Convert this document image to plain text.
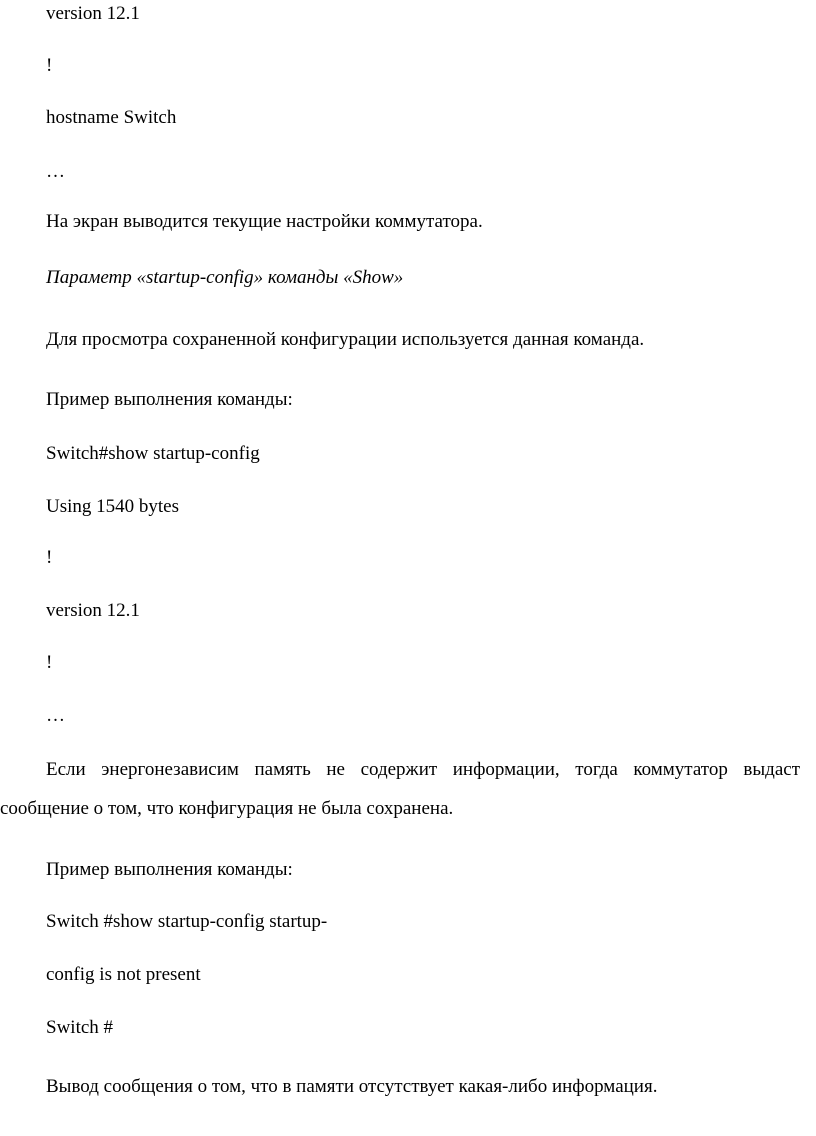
version 12.1

!

hostname Switch

…

На экран выводится текущие настройки коммутатора.

Параметр «startup-config» команды «Show»

Для просмотра сохраненной конфигурации используется данная команда.

Пример выполнения команды:

Switch#show startup-config

Using 1540 bytes

!

version 12.1

!

…

Если энергонезависим память не содержит информации, тогда коммутатор выдаст

сообщение о том, что конфигурация не была сохранена.

Пример выполнения команды:

Switch #show startup-config startup-

config is not present

Switch #

Вывод сообщения о том, что в памяти отсутствует какая-либо информация.
